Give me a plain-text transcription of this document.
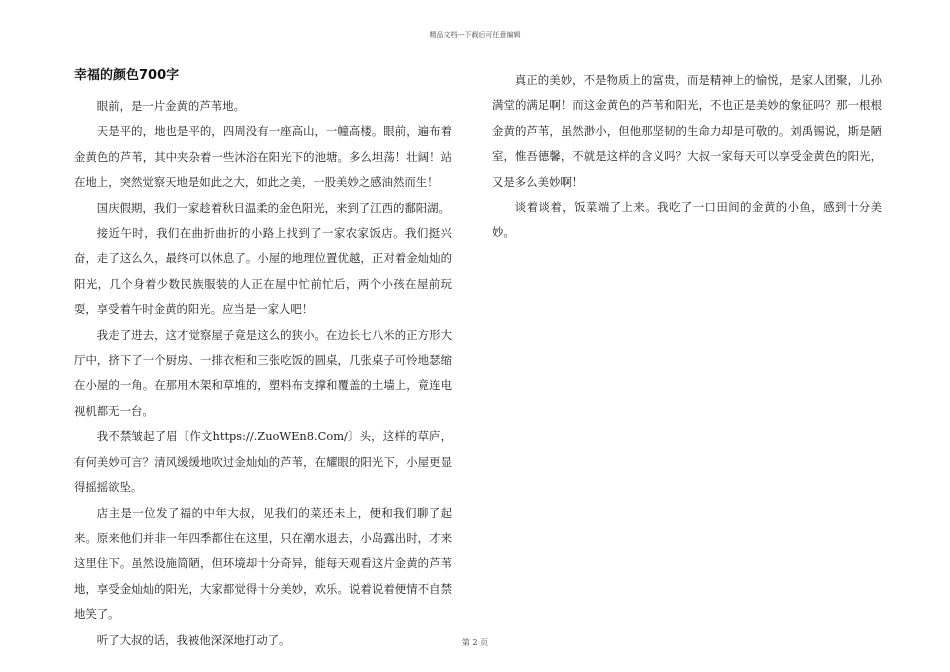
精品文档---下载后可任意编辑
幸福的颜色700字

眼前，是一片金黄的芦苇地。

天是平的，地也是平的，四周没有一座高山，一幢高楼。眼前，遍布着金黄色的芦苇，其中夹杂着一些沐浴在阳光下的池塘。多么坦荡！壮阔！站在地上，突然觉察天地是如此之大，如此之美，一股美妙之感油然而生！

国庆假期，我们一家趁着秋日温柔的金色阳光，来到了江西的鄱阳湖。

接近午时，我们在曲折曲折的小路上找到了一家农家饭店。我们挺兴奋，走了这么久，最终可以休息了。小屋的地理位置优越，正对着金灿灿的阳光，几个身着少数民族服装的人正在屋中忙前忙后，两个小孩在屋前玩耍，享受着午时金黄的阳光。应当是一家人吧！

我走了进去，这才觉察屋子竟是这么的狭小。在边长七八米的正方形大厅中，挤下了一个厨房、一排衣柜和三张吃饭的圆桌，几张桌子可怜地瑟缩在小屋的一角。在那用木架和草堆的，塑料布支撑和覆盖的土墙上，竟连电视机都无一台。

我不禁皱起了眉〔作文https://.ZuoWEn8.Com/〕头，这样的草庐，有何美妙可言？清风缓缓地吹过金灿灿的芦苇，在耀眼的阳光下，小屋更显得摇摇欲坠。

店主是一位发了福的中年大叔，见我们的菜还未上，便和我们聊了起来。原来他们并非一年四季都住在这里，只在潮水退去，小岛露出时，才来这里住下。虽然设施简陋，但环境却十分奇异，能每天观看这片金黄的芦苇地，享受金灿灿的阳光，大家都觉得十分美妙，欢乐。说着说着便情不自禁地笑了。

听了大叔的话，我被他深深地打动了。

真正的美妙，不是物质上的富贵，而是精神上的愉悦，是家人团聚，儿孙满堂的满足啊！而这金黄色的芦苇和阳光，不也正是美妙的象征吗？那一根根金黄的芦苇，虽然渺小，但他那坚韧的生命力却是可敬的。刘禹锡说，斯是陋室，惟吾德馨，不就是这样的含义吗？大叔一家每天可以享受金黄色的阳光，又是多么美妙啊！

谈着谈着，饭菜端了上来。我吃了一口田间的金黄的小鱼，感到十分美妙。

第 2 页
